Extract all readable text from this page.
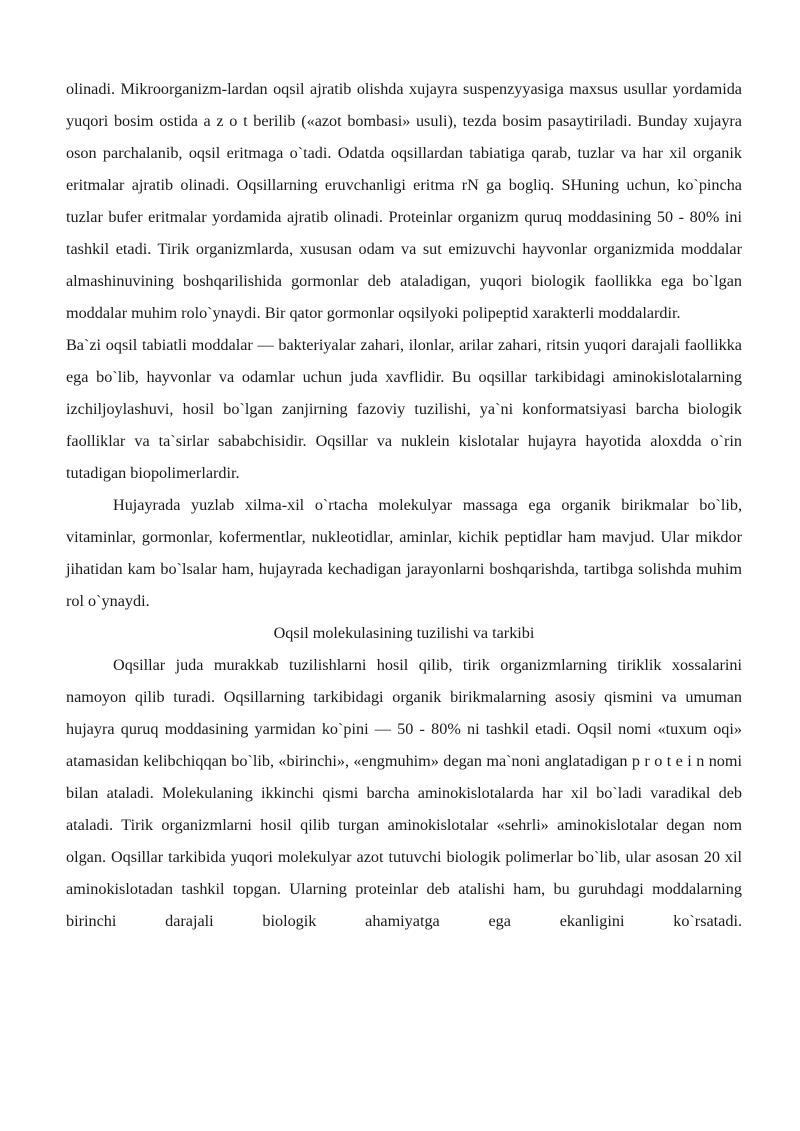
olinadi. Mikroorganizm-lardan oqsil ajratib olishda xujayra suspenzyyasiga maxsus usullar yordamida yuqori bosim ostida a z o t berilib («azot bombasi» usuli), tezda bosim pasaytiriladi. Bunday xujayra oson parchalanib, oqsil eritmaga o`tadi. Odatda oqsillardan tabiatiga qarab, tuzlar va har xil organik eritmalar ajratib olinadi. Oqsillarning eruvchanligi eritma rN ga bogliq. SHuning uchun, ko`pincha tuzlar bufer eritmalar yordamida ajratib olinadi. Proteinlar organizm quruq moddasining 50 - 80% ini tashkil etadi. Tirik organizmlarda, xususan odam va sut emizuvchi hayvonlar organizmida moddalar almashinuvining boshqarilishida gormonlar deb ataladigan, yuqori biologik faollikka ega bo`lgan moddalar muhim rolo`ynaydi. Bir qator gormonlar oqsilyoki polipeptid xarakterli moddalardir.

Ba`zi oqsil tabiatli moddalar — bakteriyalar zahari, ilonlar, arilar zahari, ritsin yuqori darajali faollikka ega bo`lib, hayvonlar va odamlar uchun juda xavflidir. Bu oqsillar tarkibidagi aminokislotalarning izchiljoylashuvi, hosil bo`lgan zanjirning fazoviy tuzilishi, ya`ni konformatsiyasi barcha biologik faolliklar va ta`sirlar sababchisidir. Oqsillar va nuklein kislotalar hujayra hayotida aloxdda o`rin tutadigan biopolimerlardir.

Hujayrada yuzlab xilma-xil o`rtacha molekulyar massaga ega organik birikmalar bo`lib, vitaminlar, gormonlar, kofermentlar, nukleotidlar, aminlar, kichik peptidlar ham mavjud. Ular mikdor jihatidan kam bo`lsalar ham, hujayrada kechadigan jarayonlarni boshqarishda, tartibga solishda muhim rol o`ynaydi.

Oqsil molekulasining tuzilishi va tarkibi

Oqsillar juda murakkab tuzilishlarni hosil qilib, tirik organizmlarning tiriklik xossalarini namoyon qilib turadi. Oqsillarning tarkibidagi organik birikmalarning asosiy qismini va umuman hujayra quruq moddasining yarmidan ko`pini — 50 - 80% ni tashkil etadi. Oqsil nomi «tuxum oqi» atamasidan kelibchiqqan bo`lib, «birinchi», «engmuhim» degan ma`noni anglatadigan p r o t e i n nomi bilan ataladi. Molekulaning ikkinchi qismi barcha aminokislotalarda har xil bo`ladi varadikal deb ataladi. Tirik organizmlarni hosil qilib turgan aminokislotalar «sehrli» aminokislotalar degan nom olgan. Oqsillar tarkibida yuqori molekulyar azot tutuvchi biologik polimerlar bo`lib, ular asosan 20 xil aminokislotadan tashkil topgan. Ularning proteinlar deb atalishi ham, bu guruhdagi moddalarning birinchi darajali biologik ahamiyatga ega ekanligini ko`rsatadi.
